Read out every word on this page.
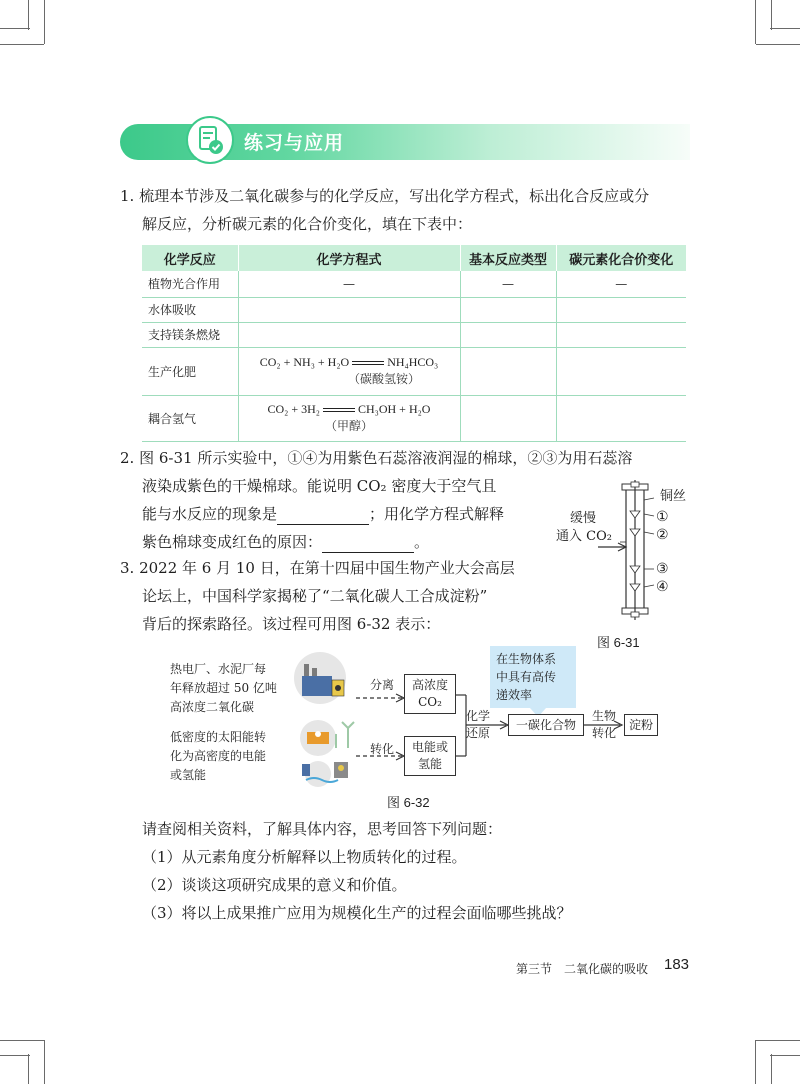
练习与应用
1. 梳理本节涉及二氧化碳参与的化学反应，写出化学方程式，标出化合反应或分
解反应，分析碳元素的化合价变化，填在下表中：
化学反应	化学方程式	基本反应类型	碳元素化合价变化
植物光合作用	—	—	—
水体吸收			
支持镁条燃烧			
生产化肥	CO₂ + NH₃ + H₂O NH₄HCO₃
（碳酸氢铵）		

耦合氢气	CO₂ + 3H₂ CH₃OH + H₂O
（甲醇）		

2. 图 6-31 所示实验中，①④为用紫色石蕊溶液润湿的棉球，②③为用石蕊溶
液染成紫色的干燥棉球。能说明 CO₂ 密度大于空气且
能与水反应的现象是	；用化学方程式解释
紫色棉球变成红色的原因：	。
铜丝
①
②
③
④
缓慢
通入 CO₂
图 6-31
3. 2022 年 6 月 10 日，在第十四届中国生物产业大会高层
论坛上，中国科学家揭秘了“二氧化碳人工合成淀粉”
背后的探索路径。该过程可用图 6-32 表示：
热电厂、水泥厂每
年释放超过 50 亿吨
高浓度二氧化碳
低密度的太阳能转
化为高密度的电能
或氢能
分离
转化
高浓度
CO₂
电能或
氢能
化学
还原
在生物体系
中具有高传
递效率
一碳化合物
生物
转化
淀粉
图 6-32
请查阅相关资料，了解具体内容，思考回答下列问题：
（1）从元素角度分析解释以上物质转化的过程。
（2）谈谈这项研究成果的意义和价值。
（3）将以上成果推广应用为规模化生产的过程会面临哪些挑战？
第三节　二氧化碳的吸收 183
